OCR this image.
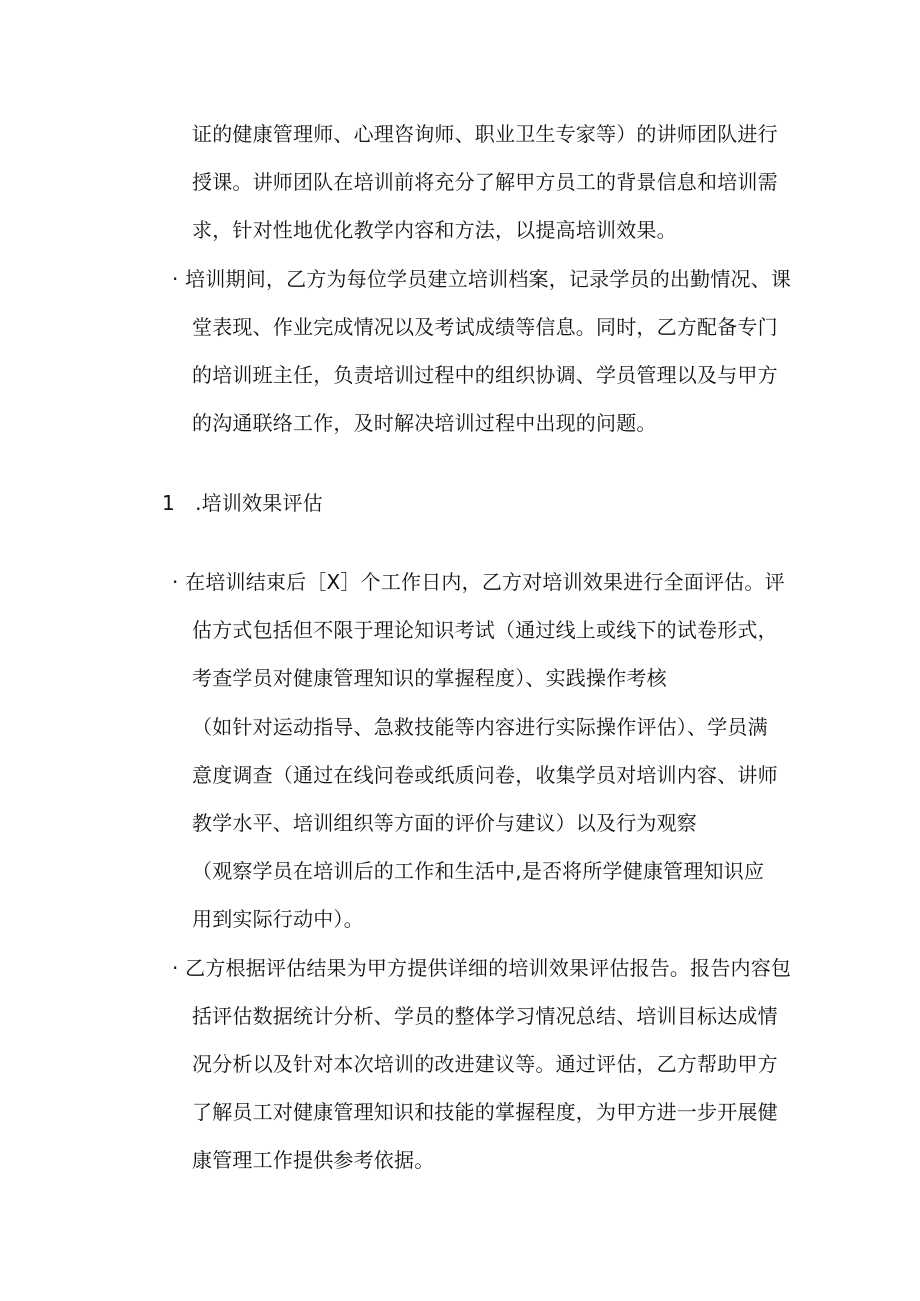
证的健康管理师、心理咨询师、职业卫生专家等）的讲师团队进行
授课。讲师团队在培训前将充分了解甲方员工的背景信息和培训需
求，针对性地优化教学内容和方法，以提高培训效果。
· 培训期间，乙方为每位学员建立培训档案，记录学员的出勤情况、课
堂表现、作业完成情况以及考试成绩等信息。同时，乙方配备专门
的培训班主任，负责培训过程中的组织协调、学员管理以及与甲方
的沟通联络工作，及时解决培训过程中出现的问题。
1　.培训效果评估
· 在培训结束后［X］个工作日内，乙方对培训效果进行全面评估。评
估方式包括但不限于理论知识考试（通过线上或线下的试卷形式，
考查学员对健康管理知识的掌握程度）、实践操作考核
（如针对运动指导、急救技能等内容进行实际操作评估）、学员满
意度调查（通过在线问卷或纸质问卷，收集学员对培训内容、讲师
教学水平、培训组织等方面的评价与建议）以及行为观察
（观察学员在培训后的工作和生活中,是否将所学健康管理知识应
用到实际行动中）。
· 乙方根据评估结果为甲方提供详细的培训效果评估报告。报告内容包
括评估数据统计分析、学员的整体学习情况总结、培训目标达成情
况分析以及针对本次培训的改进建议等。通过评估，乙方帮助甲方
了解员工对健康管理知识和技能的掌握程度，为甲方进一步开展健
康管理工作提供参考依据。
